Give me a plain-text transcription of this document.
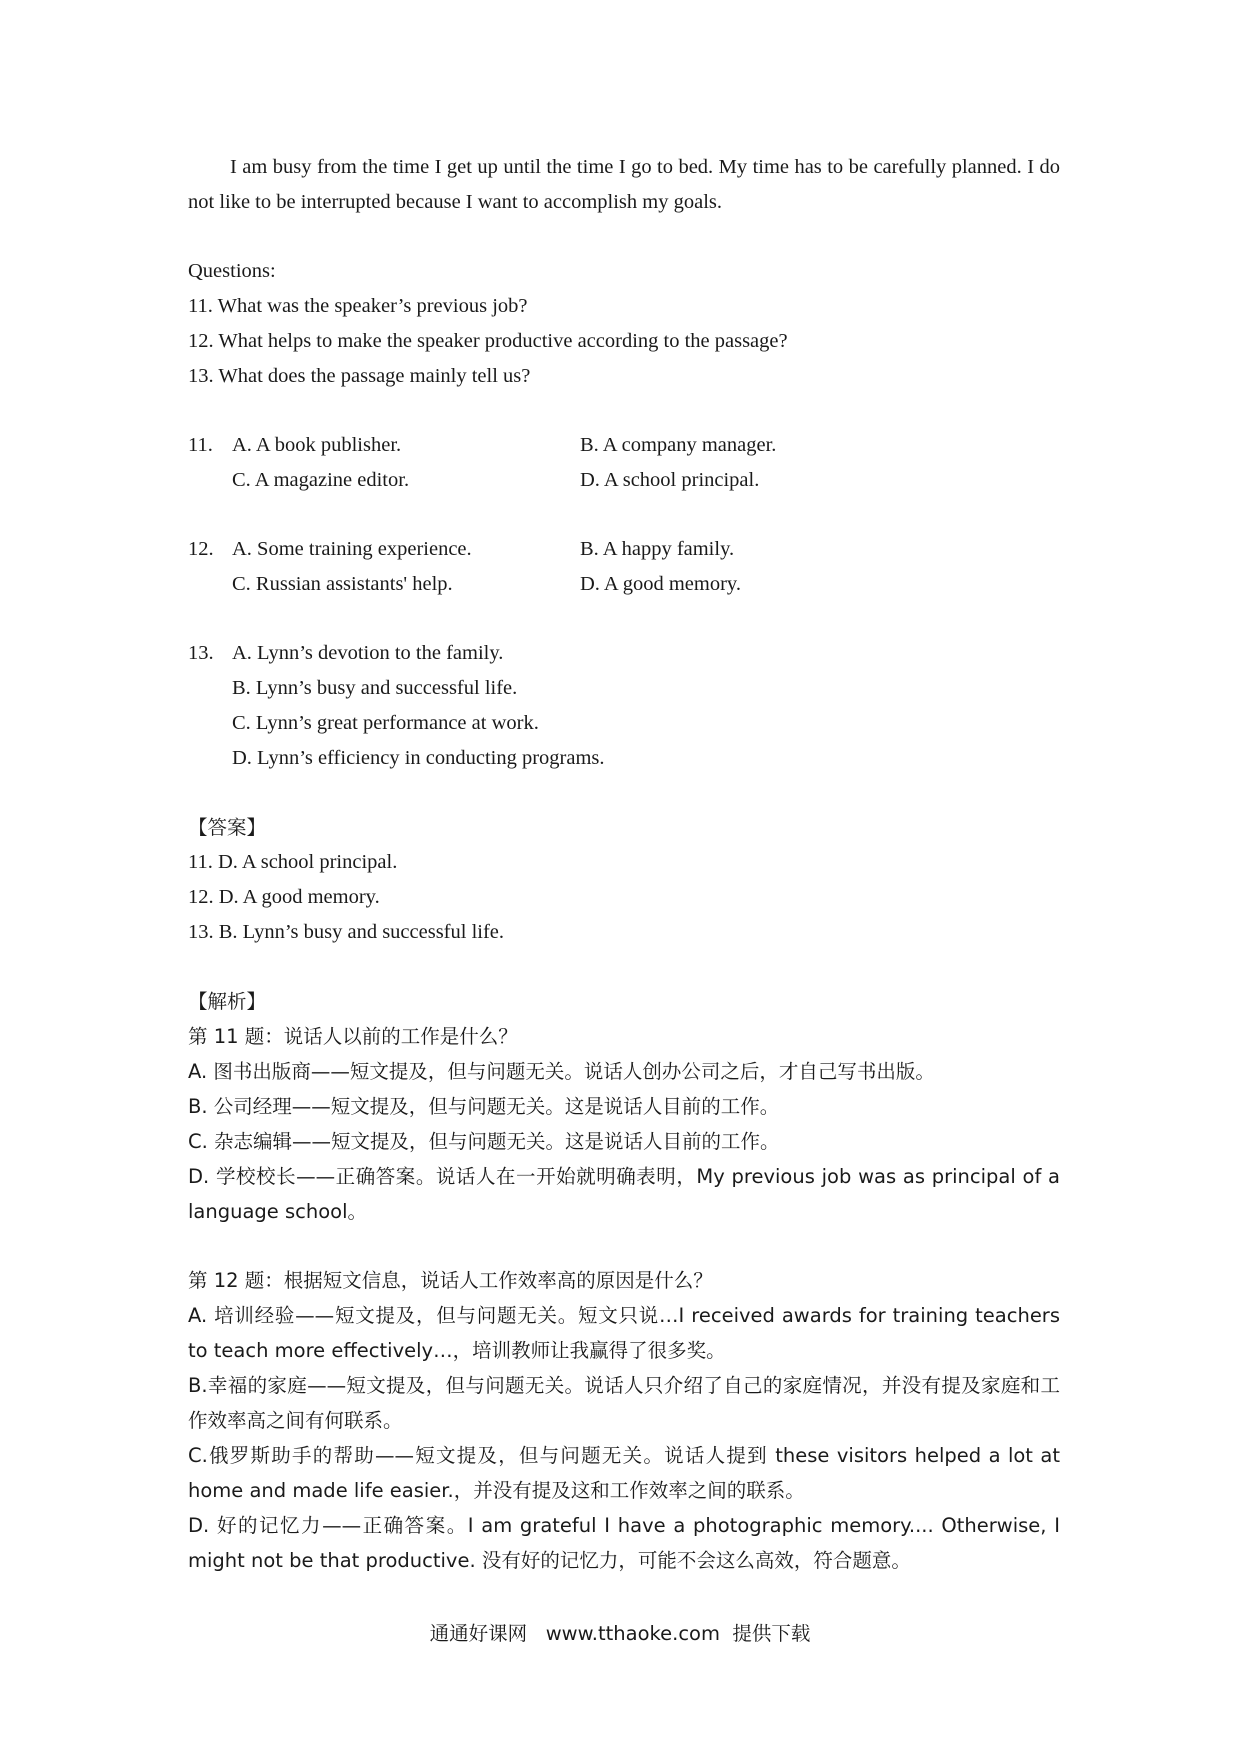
I am busy from the time I get up until the time I go to bed. My time has to be carefully planned. I do not like to be interrupted because I want to accomplish my goals.
Questions:
11. What was the speaker’s previous job?
12. What helps to make the speaker productive according to the passage?
13. What does the passage mainly tell us?
11. A. A book publisher.	B. A company manager.
C. A magazine editor.	D. A school principal.
12. A. Some training experience.	B. A happy family.
C. Russian assistants' help.	D. A good memory.
13. A. Lynn’s devotion to the family.
B. Lynn’s busy and successful life.
C. Lynn’s great performance at work.
D. Lynn’s efficiency in conducting programs.
【答案】
11. D. A school principal.
12. D. A good memory.
13. B. Lynn’s busy and successful life.
【解析】
第 11 题：说话人以前的工作是什么？
A. 图书出版商——短文提及，但与问题无关。说话人创办公司之后，才自己写书出版。
B. 公司经理——短文提及，但与问题无关。这是说话人目前的工作。
C. 杂志编辑——短文提及，但与问题无关。这是说话人目前的工作。
D. 学校校长——正确答案。说话人在一开始就明确表明，My previous job was as principal of a language school。
第 12 题：根据短文信息，说话人工作效率高的原因是什么？
A. 培训经验——短文提及，但与问题无关。短文只说…I received awards for training teachers to teach more effectively…，培训教师让我赢得了很多奖。
B.幸福的家庭——短文提及，但与问题无关。说话人只介绍了自己的家庭情况，并没有提及家庭和工作效率高之间有何联系。
C.俄罗斯助手的帮助——短文提及，但与问题无关。说话人提到 these visitors helped a lot at home and made life easier.，并没有提及这和工作效率之间的联系。
D. 好的记忆力——正确答案。I am grateful I have a photographic memory.... Otherwise, I might not be that productive. 没有好的记忆力，可能不会这么高效，符合题意。
通通好课网   www.tthaoke.com  提供下载
